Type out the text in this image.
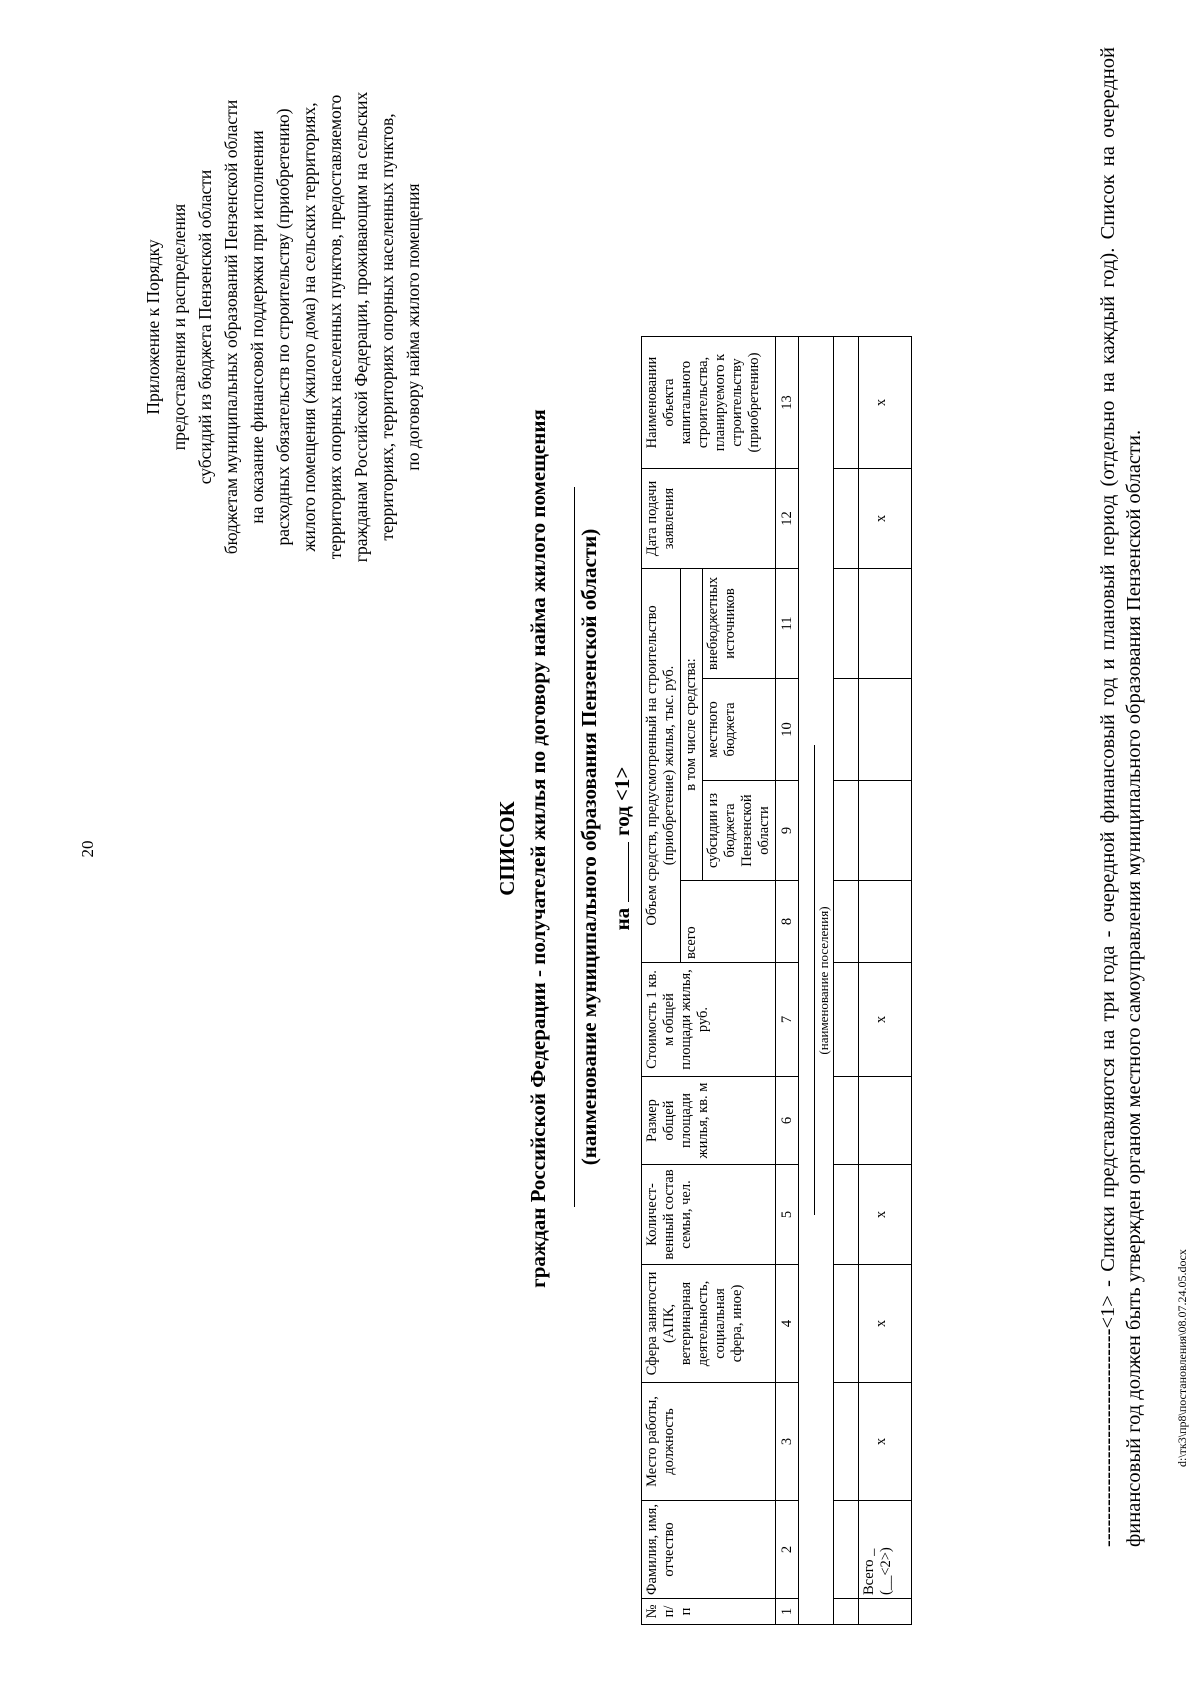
20
Приложение к Порядку предоставления и распределения субсидий из бюджета Пензенской области бюджетам муниципальных образований Пензенской области на оказание финансовой поддержки при исполнении расходных обязательств по строительству (приобретению) жилого помещения (жилого дома) на сельских территориях, территориях опорных населенных пунктов, предоставляемого гражданам Российской Федерации, проживающим на сельских территориях, территориях опорных населенных пунктов, по договору найма жилого помещения
СПИСОК граждан Российской Федерации - получателей жилья по договору найма жилого помещения (наименование муниципального образования Пензенской области) нагод <1>
№ п/п	Фамилия, имя, отчество	Место работы, должность	Сфера занятости (АПК, ветеринарная деятельность, социальная сфера, иное)	Количест-венный состав семьи, чел.	Размер общей площади жилья, кв. м	Стоимость 1 кв. м общей площади жилья, руб.	Объем средств, предусмотренный на строительство (приобретение) жилья, тыс. руб.				Дата подачи заявления	Наименовании объекта капитального строительства, планируемого к строительству (приобретению)
							всего	в том числе средства:				
								субсидии из бюджета Пензенской области	местного бюджета	внебюджетных источников		
1	2	3	4	5	6	7	8	9	10	11	12	13
(наименование поселения)												

	Всего _ (__<2>)	х	х	х		х					х	х	--------------------------------<1> - Списки представляются на три года - очередной финансовый год и плановый период (отдельно на каждый год). Список на очередной финансовый год должен быть утвержден органом местного самоуправления муниципального образования Пензенской области.	d:\тк3\пр8\постановления\08.07.24.05.docx
